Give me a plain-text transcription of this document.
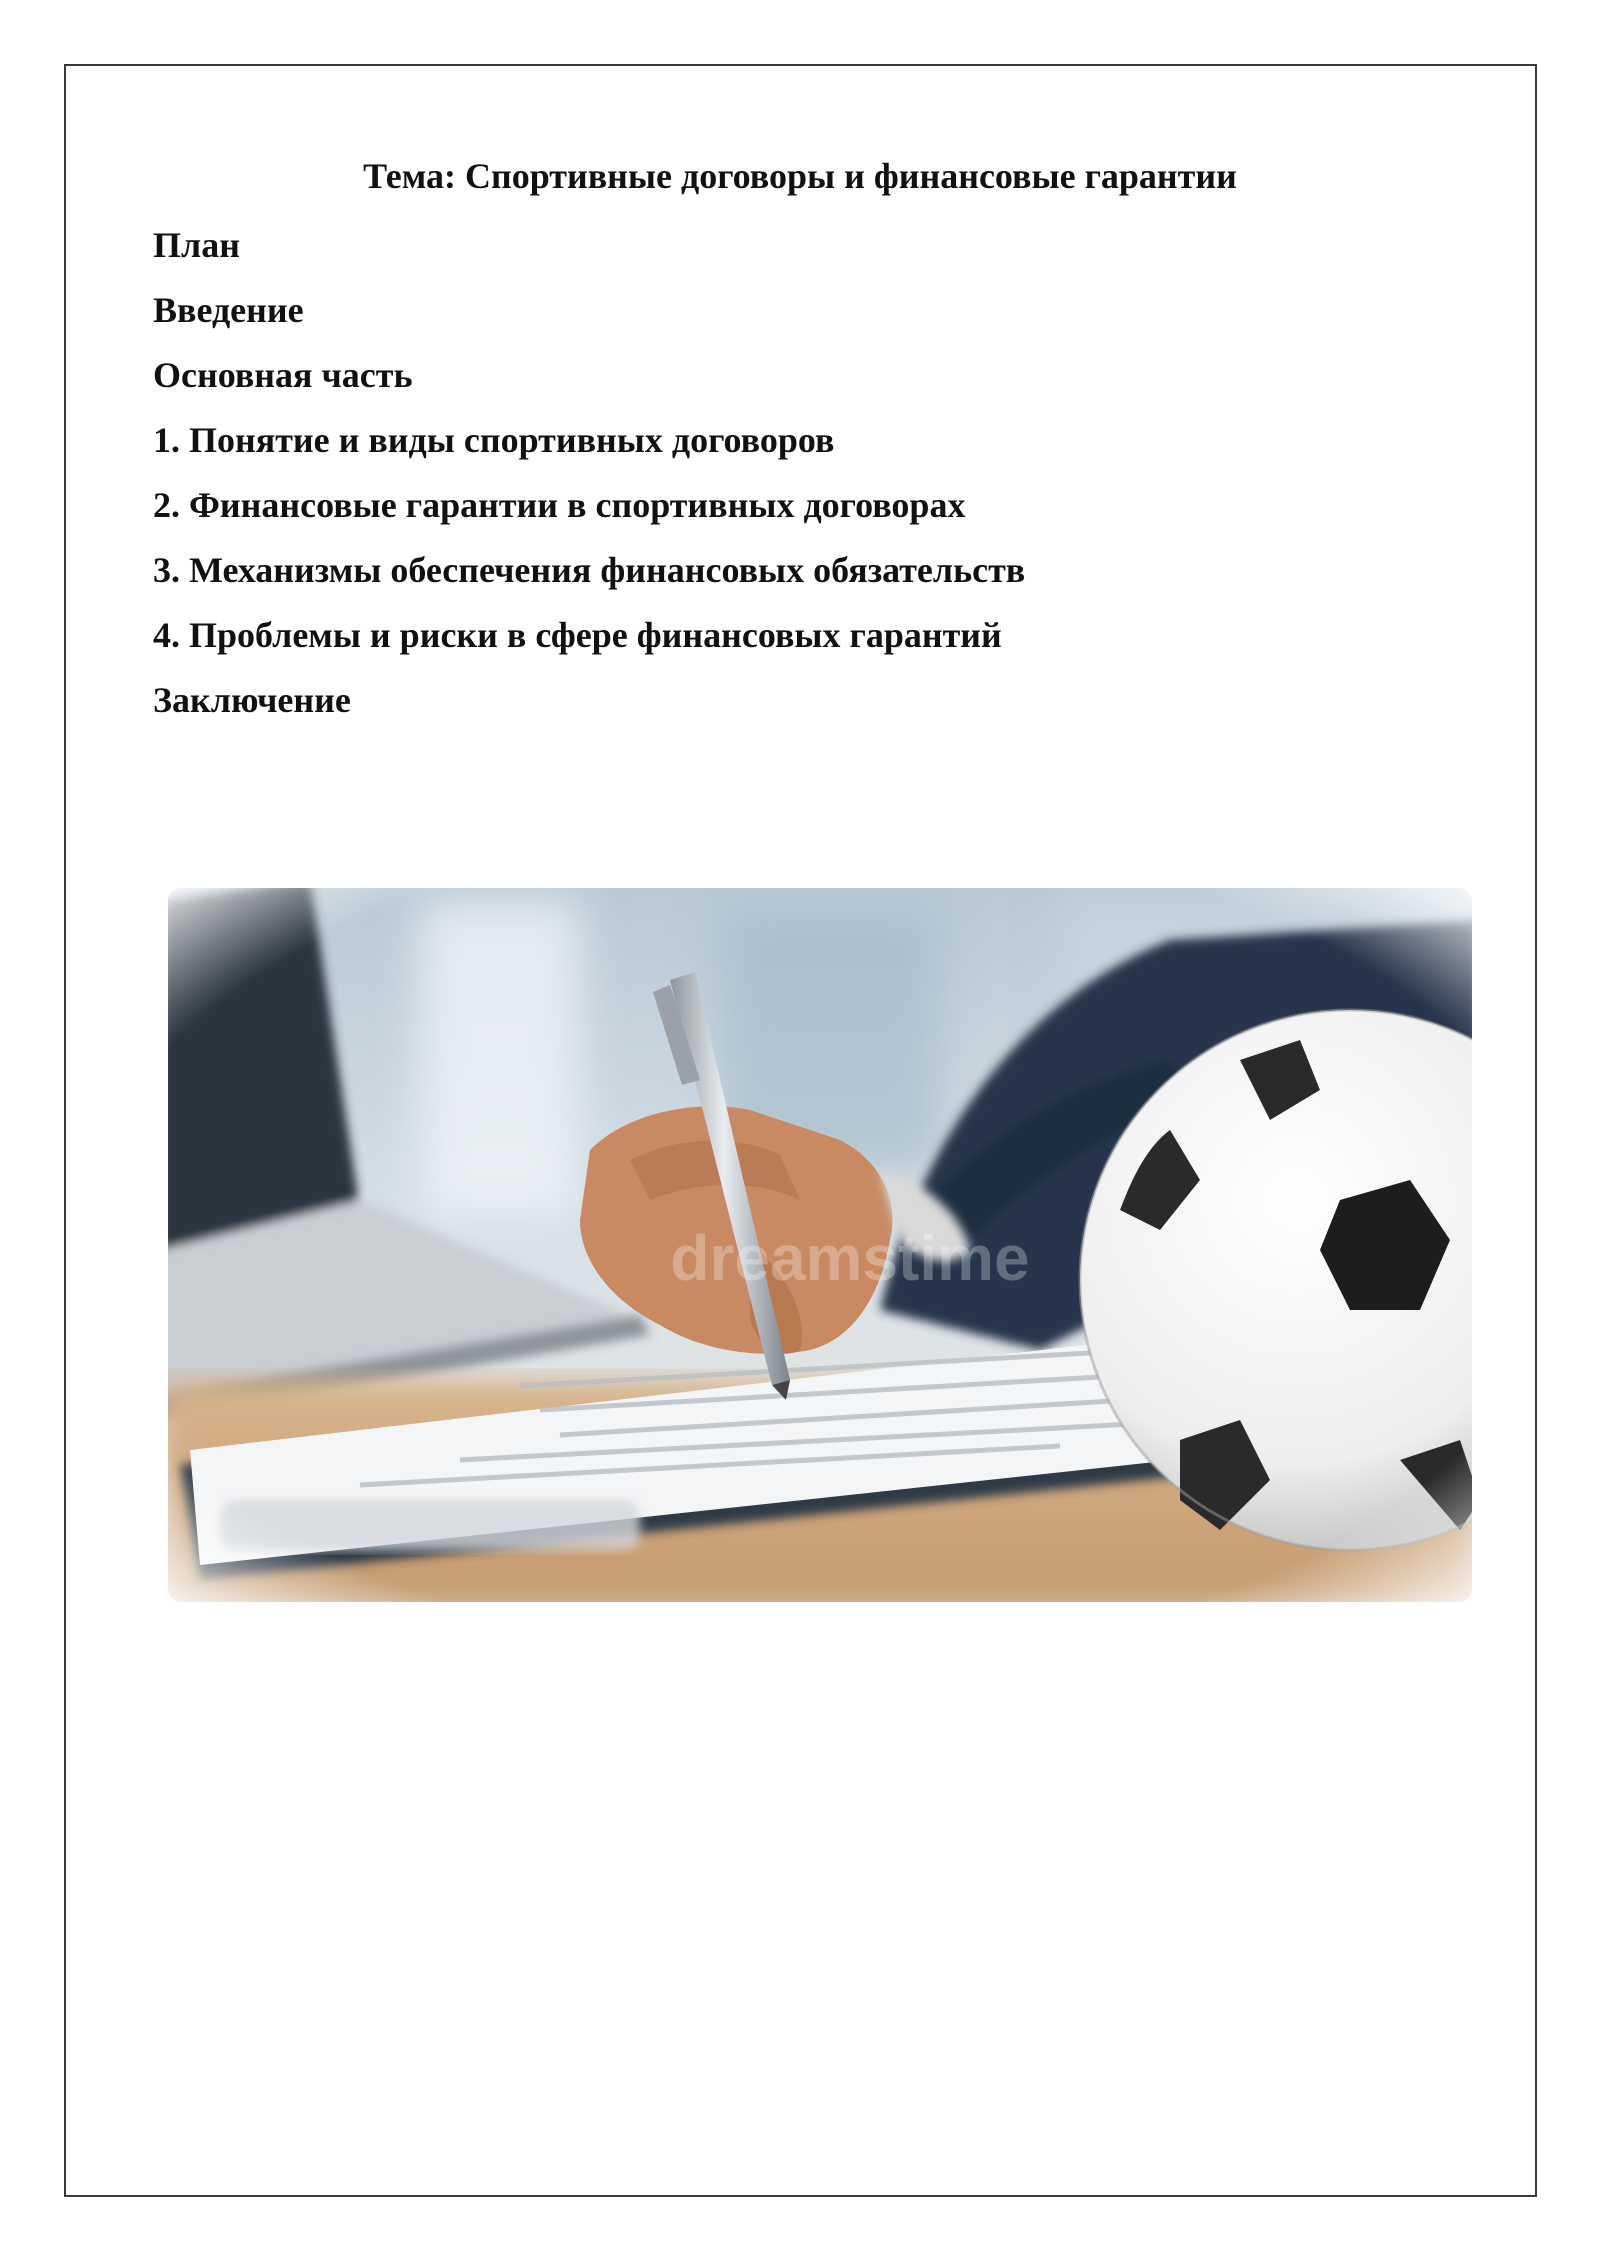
Тема: Спортивные договоры и финансовые гарантии
План
Введение
Основная часть
1. Понятие и виды спортивных договоров
2. Финансовые гарантии в спортивных договорах
3. Механизмы обеспечения финансовых обязательств
4. Проблемы и риски в сфере финансовых гарантий
Заключение
